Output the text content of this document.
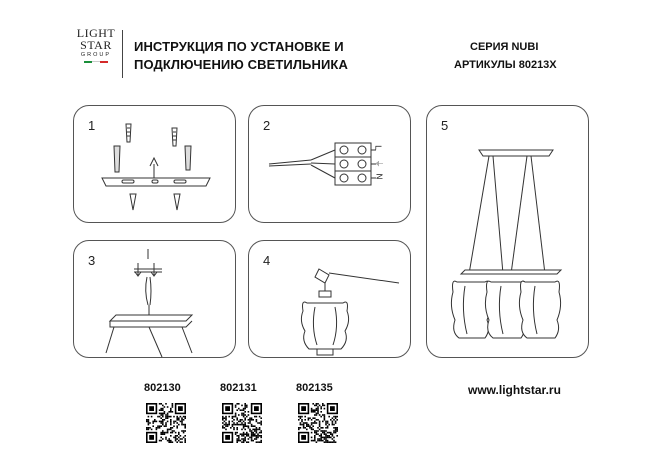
LIGHT
STAR
GROUP
ИНСТРУКЦИЯ ПО УСТАНОВКЕ И
ПОДКЛЮЧЕНИЮ СВЕТИЛЬНИКА
СЕРИЯ NUBI
АРТИКУЛЫ 80213X
1	2
L
⏚
N
3	4
5
802130	802131	802135	www.lightstar.ru
